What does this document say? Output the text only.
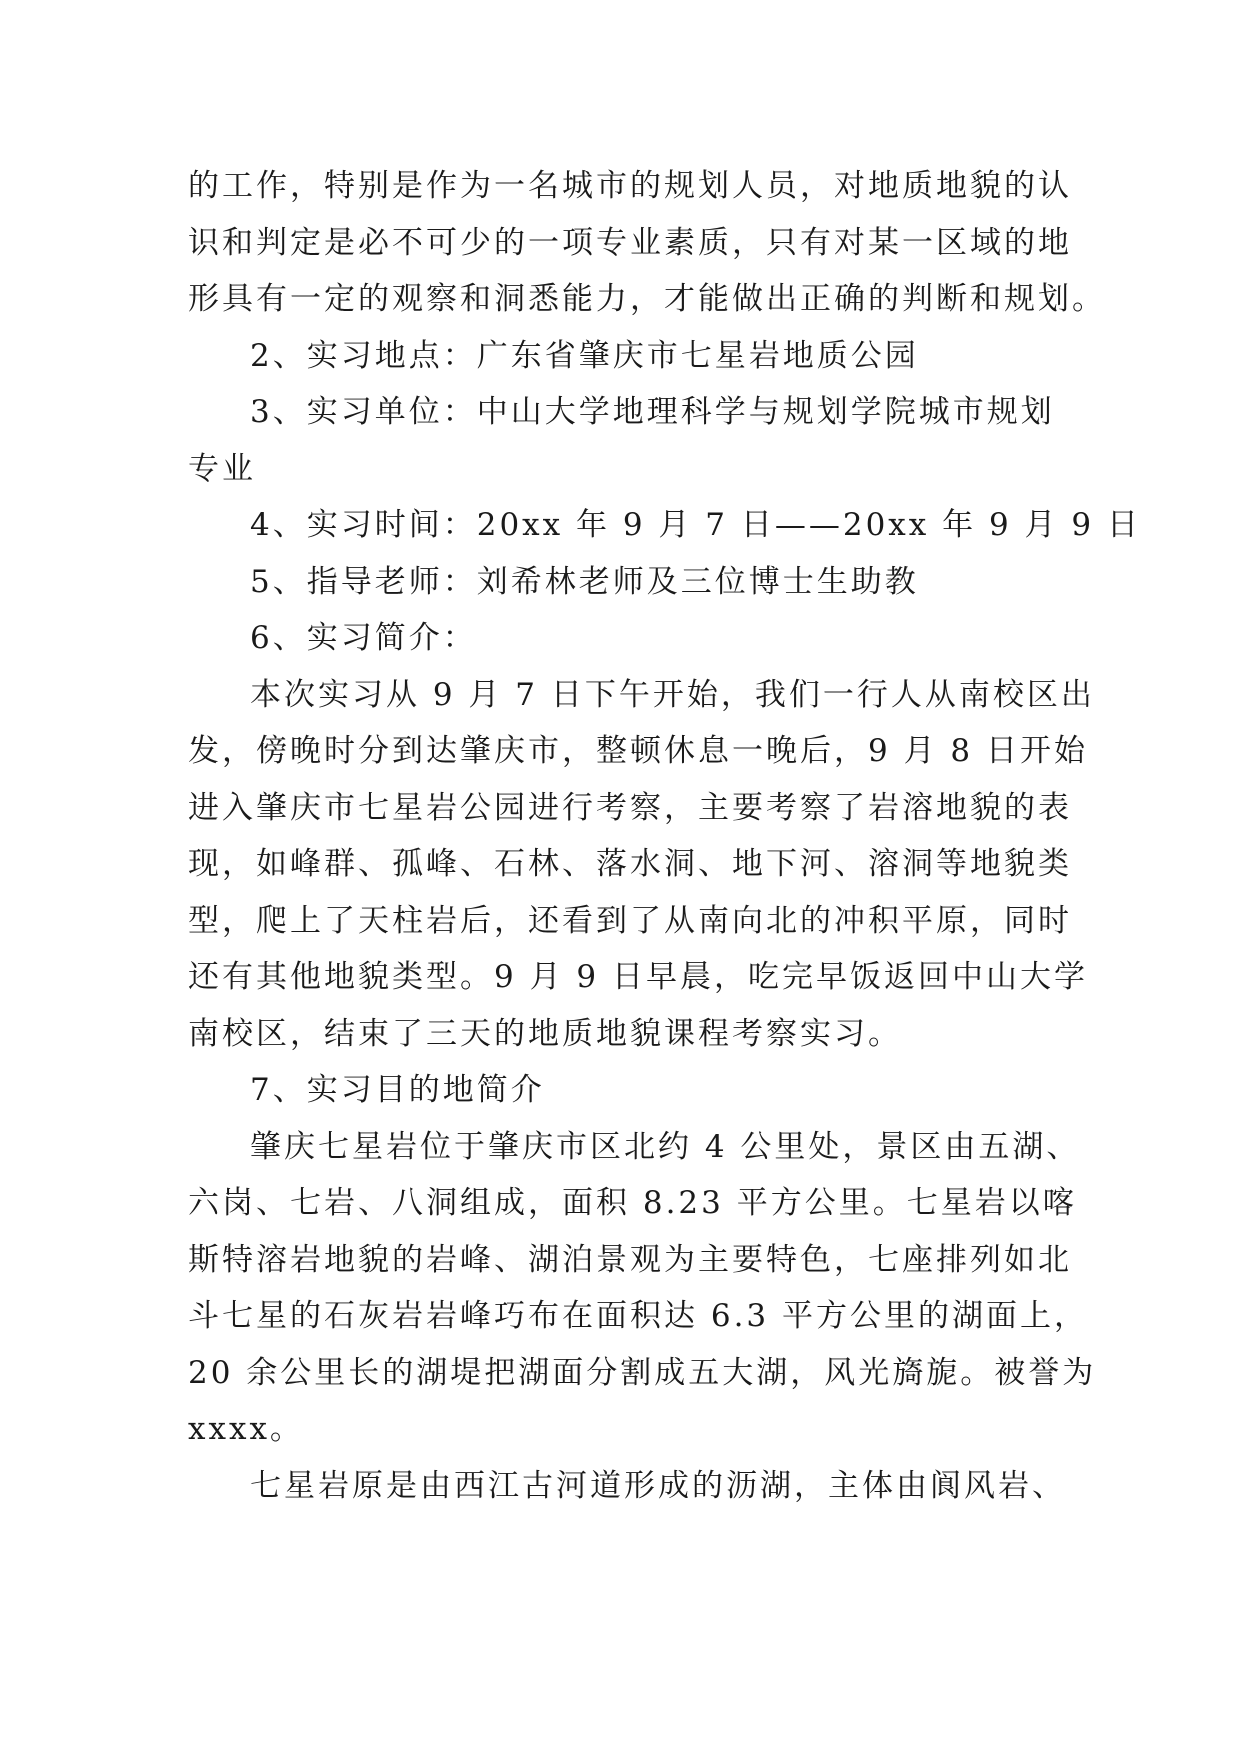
的工作，特别是作为一名城市的规划人员，对地质地貌的认
识和判定是必不可少的一项专业素质，只有对某一区域的地
形具有一定的观察和洞悉能力，才能做出正确的判断和规划。
2、实习地点：广东省肇庆市七星岩地质公园
3、实习单位：中山大学地理科学与规划学院城市规划
专业
4、实习时间：20xx 年 9 月 7 日——20xx 年 9 月 9 日
5、指导老师：刘希林老师及三位博士生助教
6、实习简介：
本次实习从 9 月 7 日下午开始，我们一行人从南校区出
发，傍晚时分到达肇庆市，整顿休息一晚后，9 月 8 日开始
进入肇庆市七星岩公园进行考察，主要考察了岩溶地貌的表
现，如峰群、孤峰、石林、落水洞、地下河、溶洞等地貌类
型，爬上了天柱岩后，还看到了从南向北的冲积平原，同时
还有其他地貌类型。9 月 9 日早晨，吃完早饭返回中山大学
南校区，结束了三天的地质地貌课程考察实习。
7、实习目的地简介
肇庆七星岩位于肇庆市区北约 4 公里处，景区由五湖、
六岗、七岩、八洞组成，面积 8.23 平方公里。七星岩以喀
斯特溶岩地貌的岩峰、湖泊景观为主要特色，七座排列如北
斗七星的石灰岩岩峰巧布在面积达 6.3 平方公里的湖面上，
20 余公里长的湖堤把湖面分割成五大湖，风光旖旎。被誉为
xxxx。
七星岩原是由西江古河道形成的沥湖，主体由阆风岩、
